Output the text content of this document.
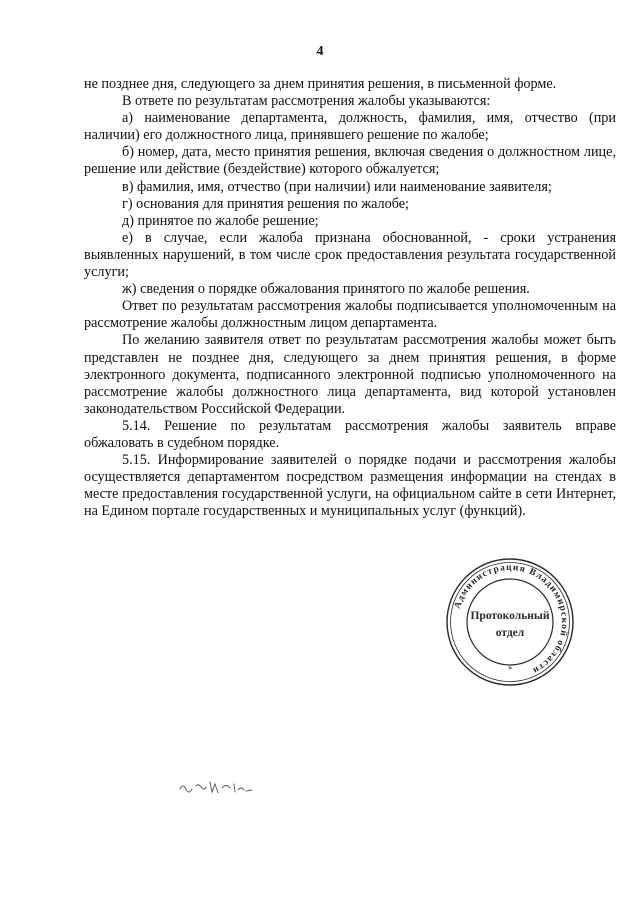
4

не позднее дня, следующего за днем принятия решения, в письменной форме.

В ответе по результатам рассмотрения жалобы указываются:

а) наименование департамента, должность, фамилия, имя, отчество (при наличии) его должностного лица, принявшего решение по жалобе;

б) номер, дата, место принятия решения, включая сведения о должностном лице, решение или действие (бездействие) которого обжалуется;

в) фамилия, имя, отчество (при наличии) или наименование заявителя;

г) основания для принятия решения по жалобе;

д) принятое по жалобе решение;

е) в случае, если жалоба признана обоснованной, - сроки устранения выявленных нарушений, в том числе срок предоставления результата государственной услуги;

ж) сведения о порядке обжалования принятого по жалобе решения.

Ответ по результатам рассмотрения жалобы подписывается уполномоченным на рассмотрение жалобы должностным лицом департамента.

По желанию заявителя ответ по результатам рассмотрения жалобы может быть представлен не позднее дня, следующего за днем принятия решения, в форме электронного документа, подписанного электронной подписью уполномоченного на рассмотрение жалобы должностного лица департамента, вид которой установлен законодательством Российской Федерации.

5.14. Решение по результатам рассмотрения жалобы заявитель вправе обжаловать в судебном порядке.

5.15. Информирование заявителей о порядке подачи и рассмотрения жалобы осуществляется департаментом посредством размещения информации на стендах в месте предоставления государственной услуги, на официальном сайте в сети Интернет, на Едином портале государственных и муниципальных услуг (функций).

Администрация Владимирской области
*
Протокольный
отдел
